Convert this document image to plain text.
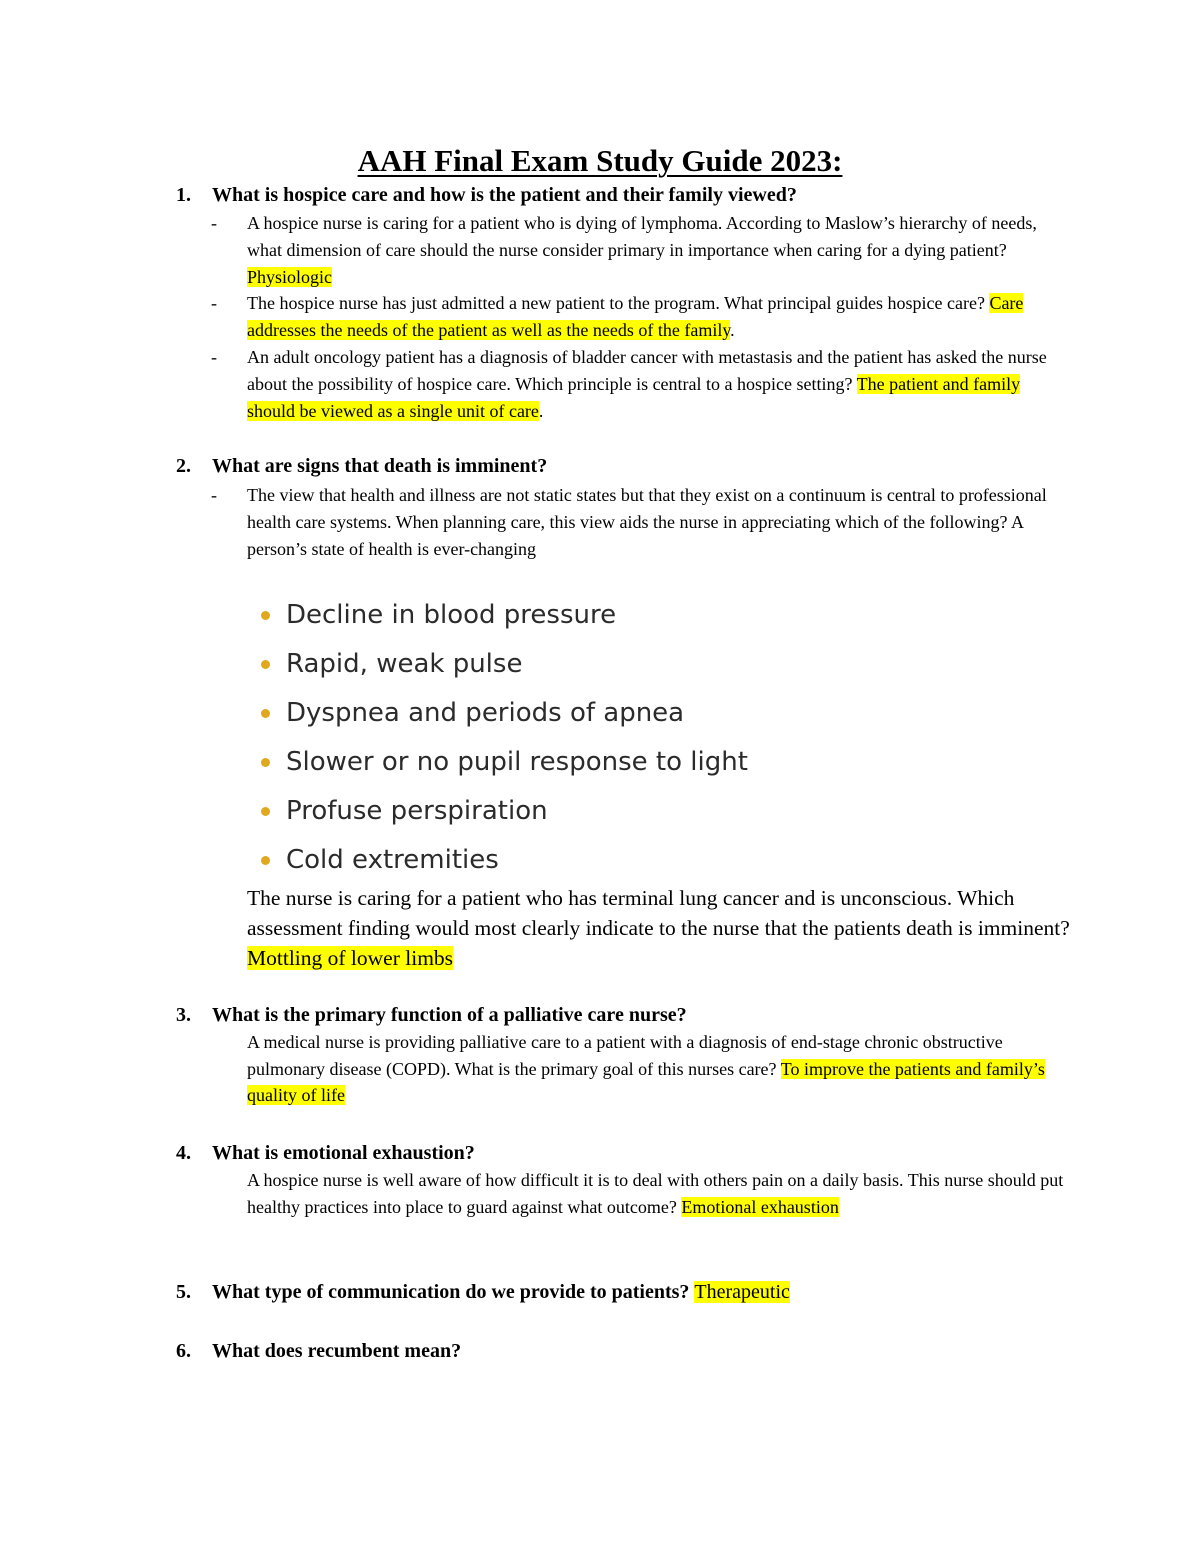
AAH Final Exam Study Guide 2023:
1. What is hospice care and how is the patient and their family viewed?
- A hospice nurse is caring for a patient who is dying of lymphoma. According to Maslow’s hierarchy of needs, what dimension of care should the nurse consider primary in importance when caring for a dying patient? Physiologic
- The hospice nurse has just admitted a new patient to the program. What principal guides hospice care? Care addresses the needs of the patient as well as the needs of the family.
- An adult oncology patient has a diagnosis of bladder cancer with metastasis and the patient has asked the nurse about the possibility of hospice care. Which principle is central to a hospice setting? The patient and family should be viewed as a single unit of care.
2. What are signs that death is imminent?
- The view that health and illness are not static states but that they exist on a continuum is central to professional health care systems. When planning care, this view aids the nurse in appreciating which of the following? A person’s state of health is ever-changing
Decline in blood pressure
Rapid, weak pulse
Dyspnea and periods of apnea
Slower or no pupil response to light
Profuse perspiration
Cold extremities
The nurse is caring for a patient who has terminal lung cancer and is unconscious. Which assessment finding would most clearly indicate to the nurse that the patients death is imminent? Mottling of lower limbs
3. What is the primary function of a palliative care nurse?
A medical nurse is providing palliative care to a patient with a diagnosis of end-stage chronic obstructive pulmonary disease (COPD). What is the primary goal of this nurses care? To improve the patients and family’s quality of life
4. What is emotional exhaustion?
A hospice nurse is well aware of how difficult it is to deal with others pain on a daily basis. This nurse should put healthy practices into place to guard against what outcome? Emotional exhaustion
5. What type of communication do we provide to patients? Therapeutic
6. What does recumbent mean?
